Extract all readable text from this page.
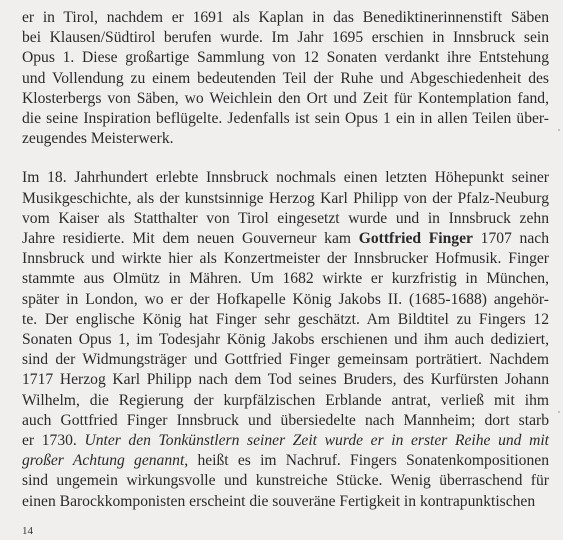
er in Tirol, nachdem er 1691 als Kaplan in das Benediktinerinnenstift Säben
bei Klausen/Südtirol berufen wurde. Im Jahr 1695 erschien in Innsbruck sein
Opus 1. Diese großartige Sammlung von 12 Sonaten verdankt ihre Entstehung
und Vollendung zu einem bedeutenden Teil der Ruhe und Abgeschiedenheit des
Klosterbergs von Säben, wo Weichlein den Ort und Zeit für Kontemplation fand,
die seine Inspiration beflügelte. Jedenfalls ist sein Opus 1 ein in allen Teilen über-
zeugendes Meisterwerk.

Im 18. Jahrhundert erlebte Innsbruck nochmals einen letzten Höhepunkt seiner
Musikgeschichte, als der kunstsinnige Herzog Karl Philipp von der Pfalz-Neuburg
vom Kaiser als Statthalter von Tirol eingesetzt wurde und in Innsbruck zehn
Jahre residierte. Mit dem neuen Gouverneur kam Gottfried Finger 1707 nach
Innsbruck und wirkte hier als Konzertmeister der Innsbrucker Hofmusik. Finger
stammte aus Olmütz in Mähren. Um 1682 wirkte er kurzfristig in München,
später in London, wo er der Hofkapelle König Jakobs II. (1685-1688) angehör-
te. Der englische König hat Finger sehr geschätzt. Am Bildtitel zu Fingers 12
Sonaten Opus 1, im Todesjahr König Jakobs erschienen und ihm auch dediziert,
sind der Widmungsträger und Gottfried Finger gemeinsam porträtiert. Nachdem
1717 Herzog Karl Philipp nach dem Tod seines Bruders, des Kurfürsten Johann
Wilhelm, die Regierung der kurpfälzischen Erblande antrat, verließ mit ihm
auch Gottfried Finger Innsbruck und übersiedelte nach Mannheim; dort starb
er 1730. Unter den Tonkünstlern seiner Zeit wurde er in erster Reihe und mit
großer Achtung genannt, heißt es im Nachruf. Fingers Sonatenkompositionen
sind ungemein wirkungsvolle und kunstreiche Stücke. Wenig überraschend für
einen Barockkomponisten erscheint die souveräne Fertigkeit in kontrapunktischen

14
